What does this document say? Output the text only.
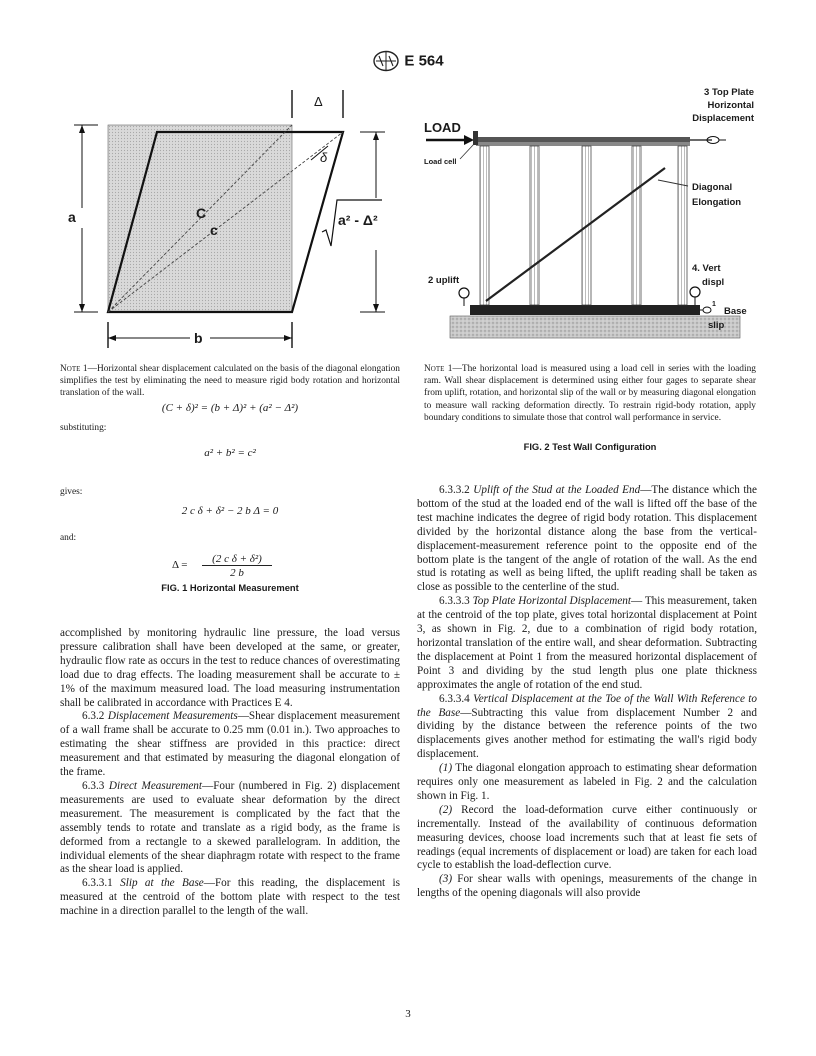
E 564
Δ
a
b
C
c
δ
a² - Δ²
Note 1—Horizontal shear displacement calculated on the basis of the diagonal elongation simplifies the test by eliminating the need to measure rigid body rotation and horizontal translation of the wall.
(C + δ)² = (b + Δ)² + (a² − Δ²)
substituting:
a² + b² = c²
gives:
2 c δ + δ² − 2 b Δ = 0
and:
Δ =	(2 c δ + δ²)
2 b
FIG. 1 Horizontal Measurement
LOAD
Load cell
3 Top Plate
Horizontal
Displacement
Diagonal
Elongation
4. Vert
displ
2 uplift
Base
slip
1
Note 1—The horizontal load is measured using a load cell in series with the loading ram. Wall shear displacement is determined using either four gages to separate shear from uplift, rotation, and horizontal slip of the wall or by measuring diagonal elongation to measure wall racking deformation directly. To restrain rigid-body rotation, apply boundary conditions to simulate those that control wall performance in service.
FIG. 2 Test Wall Configuration

accomplished by monitoring hydraulic line pressure, the load versus pressure calibration shall have been developed at the same, or greater, hydraulic flow rate as occurs in the test to reduce chances of overestimating load due to drag effects. The loading measurement shall be accurate to ± 1% of the maximum measured load. The load measuring instrumentation shall be calibrated in accordance with Practices E 4.

6.3.2 Displacement Measurements—Shear displacement measurement of a wall frame shall be accurate to 0.25 mm (0.01 in.). Two approaches to estimating the shear stiffness are provided in this practice: direct measurement and that estimated by measuring the diagonal elongation of the frame.

6.3.3 Direct Measurement—Four (numbered in Fig. 2) displacement measurements are used to evaluate shear deformation by the direct measurement. The measurement is complicated by the fact that the assembly tends to rotate and translate as a rigid body, as the frame is deformed from a rectangle to a skewed parallelogram. In addition, the individual elements of the shear diaphragm rotate with respect to the frame as the shear load is applied.

6.3.3.1 Slip at the Base—For this reading, the displacement is measured at the centroid of the bottom plate with respect to the test machine in a direction parallel to the length of the wall.

6.3.3.2 Uplift of the Stud at the Loaded End—The distance which the bottom of the stud at the loaded end of the wall is lifted off the base of the test machine indicates the degree of rigid body rotation. This displacement divided by the horizontal distance along the base from the vertical-displacement-measurement reference point to the opposite end of the bottom plate is the tangent of the angle of rotation of the wall. As the end stud is rotating as well as being lifted, the uplift reading shall be taken as close as possible to the centerline of the stud.

6.3.3.3 Top Plate Horizontal Displacement— This measurement, taken at the centroid of the top plate, gives total horizontal displacement at Point 3, as shown in Fig. 2, due to a combination of rigid body rotation, horizontal translation of the entire wall, and shear deformation. Subtracting the displacement at Point 1 from the measured horizontal displacement of Point 3 and dividing by the stud length plus one plate thickness approximates the angle of rotation of the end stud.

6.3.3.4 Vertical Displacement at the Toe of the Wall With Reference to the Base—Subtracting this value from displacement Number 2 and dividing by the distance between the reference points of the two displacements gives another method for estimating the wall's rigid body displacement.

(1) The diagonal elongation approach to estimating shear deformation requires only one measurement as labeled in Fig. 2 and the calculation shown in Fig. 1.

(2) Record the load-deformation curve either continuously or incrementally. Instead of the availability of continuous deformation measuring devices, choose load increments such that at least fie sets of readings (equal increments of displacement or load) are taken for each load cycle to establish the load-deflection curve.

(3) For shear walls with openings, measurements of the change in lengths of the opening diagonals will also provide

3
